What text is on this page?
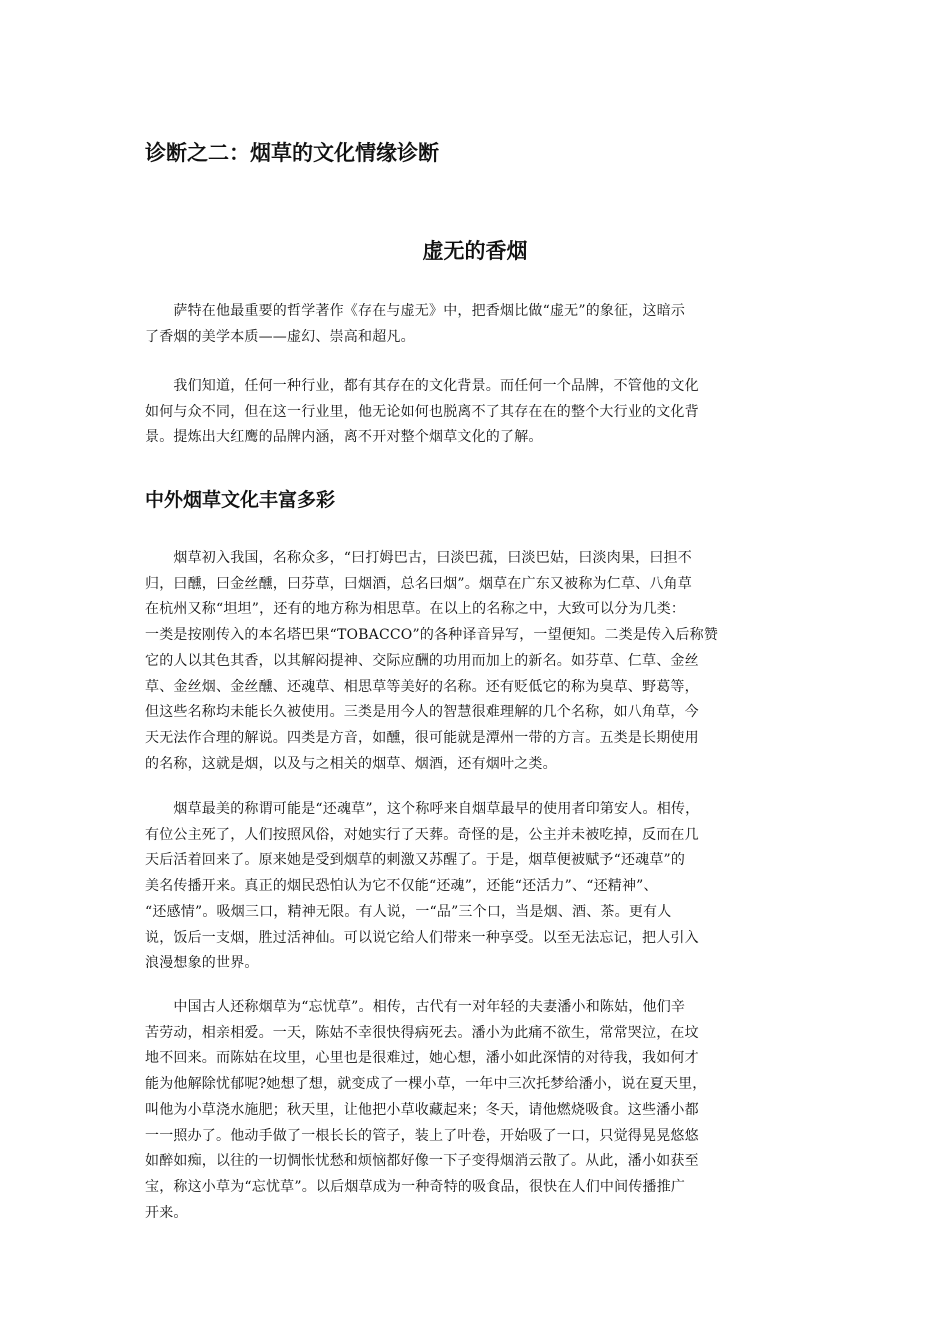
诊断之二：烟草的文化情缘诊断
虚无的香烟
　　萨特在他最重要的哲学著作《存在与虚无》中，把香烟比做“虚无”的象征，这暗示
了香烟的美学本质——虚幻、崇高和超凡。
　　我们知道，任何一种行业，都有其存在的文化背景。而任何一个品牌，不管他的文化
如何与众不同，但在这一行业里，他无论如何也脱离不了其存在在的整个大行业的文化背
景。提炼出大红鹰的品牌内涵，离不开对整个烟草文化的了解。
中外烟草文化丰富多彩
　　烟草初入我国，名称众多，“曰打姆巴古，曰淡巴菰，曰淡巴姑，曰淡肉果，曰担不
归，曰醺，曰金丝醺，曰芬草，曰烟酒，总名曰烟”。烟草在广东又被称为仁草、八角草
在杭州又称“坦坦”，还有的地方称为相思草。在以上的名称之中，大致可以分为几类：
一类是按刚传入的本名塔巴果“TOBACCO”的各种译音异写，一望便知。二类是传入后称赞
它的人以其色其香，以其解闷提神、交际应酬的功用而加上的新名。如芬草、仁草、金丝
草、金丝烟、金丝醺、还魂草、相思草等美好的名称。还有贬低它的称为臭草、野葛等，
但这些名称均未能长久被使用。三类是用今人的智慧很难理解的几个名称，如八角草，今
天无法作合理的解说。四类是方音，如醺，很可能就是潭州一带的方言。五类是长期使用
的名称，这就是烟，以及与之相关的烟草、烟酒，还有烟叶之类。
　　烟草最美的称谓可能是“还魂草”，这个称呼来自烟草最早的使用者印第安人。相传，
有位公主死了，人们按照风俗，对她实行了天葬。奇怪的是，公主并未被吃掉，反而在几
天后活着回来了。原来她是受到烟草的刺激又苏醒了。于是，烟草便被赋予“还魂草”的
美名传播开来。真正的烟民恐怕认为它不仅能“还魂”，还能“还活力”、“还精神”、
“还感情”。吸烟三口，精神无限。有人说，一“品”三个口，当是烟、酒、茶。更有人
说，饭后一支烟，胜过活神仙。可以说它给人们带来一种享受。以至无法忘记，把人引入
浪漫想象的世界。
　　中国古人还称烟草为“忘忧草”。相传，古代有一对年轻的夫妻潘小和陈姑，他们辛
苦劳动，相亲相爱。一天，陈姑不幸很快得病死去。潘小为此痛不欲生，常常哭泣，在坟
地不回来。而陈姑在坟里，心里也是很难过，她心想，潘小如此深情的对待我，我如何才
能为他解除忧郁呢?她想了想，就变成了一棵小草，一年中三次托梦给潘小，说在夏天里，
叫他为小草浇水施肥；秋天里，让他把小草收藏起来；冬天，请他燃烧吸食。这些潘小都
一一照办了。他动手做了一根长长的管子，装上了叶卷，开始吸了一口，只觉得晃晃悠悠
如醉如痴，以往的一切惆怅忧愁和烦恼都好像一下子变得烟消云散了。从此，潘小如获至
宝，称这小草为“忘忧草”。以后烟草成为一种奇特的吸食品，很快在人们中间传播推广
开来。
